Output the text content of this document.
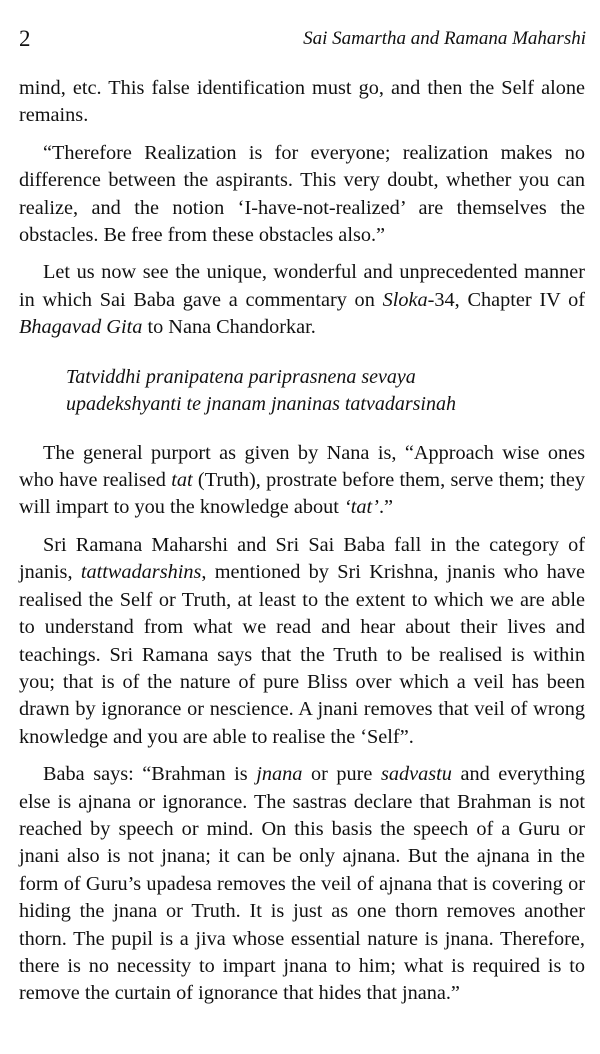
2	Sai Samartha and Ramana Maharshi

mind, etc. This false identification must go, and then the Self alone remains.

“Therefore Realization is for everyone; realization makes no difference between the aspirants. This very doubt, whether you can realize, and the notion ‘I-have-not-realized’ are themselves the obstacles. Be free from these obstacles also.”

Let us now see the unique, wonderful and unprecedented manner in which Sai Baba gave a commentary on Sloka-34, Chapter IV of Bhagavad Gita to Nana Chandorkar.

Tatviddhi pranipatena pariprasnena sevaya
upadekshyanti te jnanam jnaninas tatvadarsinah

The general purport as given by Nana is, “Approach wise ones who have realised tat (Truth), prostrate before them, serve them; they will impart to you the knowledge about ‘tat’.”

Sri Ramana Maharshi and Sri Sai Baba fall in the category of jnanis, tattwadarshins, mentioned by Sri Krishna, jnanis who have realised the Self or Truth, at least to the extent to which we are able to understand from what we read and hear about their lives and teachings. Sri Ramana says that the Truth to be realised is within you; that is of the nature of pure Bliss over which a veil has been drawn by ignorance or nescience. A jnani removes that veil of wrong knowledge and you are able to realise the ‘Self”.

Baba says: “Brahman is jnana or pure sadvastu and everything else is ajnana or ignorance. The sastras declare that Brahman is not reached by speech or mind. On this basis the speech of a Guru or jnani also is not jnana; it can be only ajnana. But the ajnana in the form of Guru’s upadesa removes the veil of ajnana that is covering or hiding the jnana or Truth. It is just as one thorn removes another thorn. The pupil is a jiva whose essential nature is jnana. Therefore, there is no necessity to impart jnana to him; what is required is to remove the curtain of ignorance that hides that jnana.”
